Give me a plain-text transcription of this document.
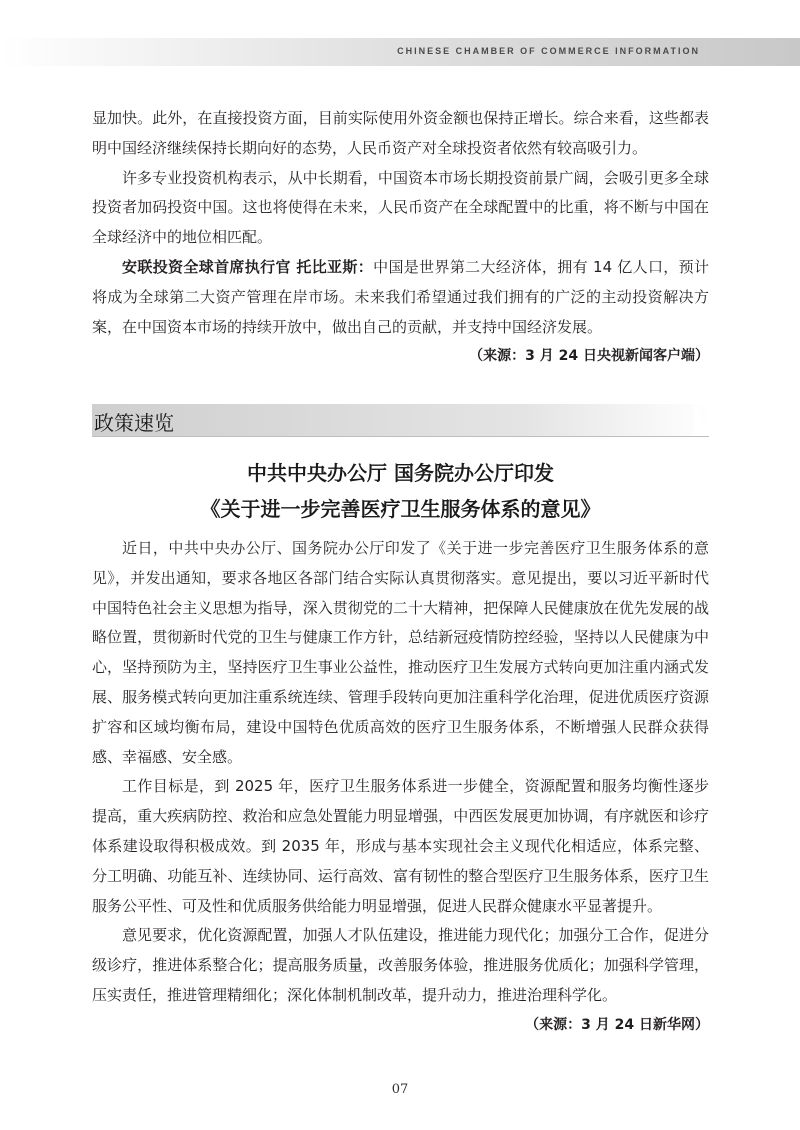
CHINESE CHAMBER OF COMMERCE INFORMATION

显加快。此外，在直接投资方面，目前实际使用外资金额也保持正增长。综合来看，这些都表明中国经济继续保持长期向好的态势，人民币资产对全球投资者依然有较高吸引力。

许多专业投资机构表示，从中长期看，中国资本市场长期投资前景广阔，会吸引更多全球投资者加码投资中国。这也将使得在未来，人民币资产在全球配置中的比重，将不断与中国在全球经济中的地位相匹配。

安联投资全球首席执行官 托比亚斯：中国是世界第二大经济体，拥有 14 亿人口，预计将成为全球第二大资产管理在岸市场。未来我们希望通过我们拥有的广泛的主动投资解决方案，在中国资本市场的持续开放中，做出自己的贡献，并支持中国经济发展。

（来源：3 月 24 日央视新闻客户端）

政策速览
中共中央办公厅 国务院办公厅印发
《关于进一步完善医疗卫生服务体系的意见》

近日，中共中央办公厅、国务院办公厅印发了《关于进一步完善医疗卫生服务体系的意见》，并发出通知，要求各地区各部门结合实际认真贯彻落实。意见提出，要以习近平新时代中国特色社会主义思想为指导，深入贯彻党的二十大精神，把保障人民健康放在优先发展的战略位置，贯彻新时代党的卫生与健康工作方针，总结新冠疫情防控经验，坚持以人民健康为中心，坚持预防为主，坚持医疗卫生事业公益性，推动医疗卫生发展方式转向更加注重内涵式发展、服务模式转向更加注重系统连续、管理手段转向更加注重科学化治理，促进优质医疗资源扩容和区域均衡布局，建设中国特色优质高效的医疗卫生服务体系，不断增强人民群众获得感、幸福感、安全感。

工作目标是，到 2025 年，医疗卫生服务体系进一步健全，资源配置和服务均衡性逐步提高，重大疾病防控、救治和应急处置能力明显增强，中西医发展更加协调，有序就医和诊疗体系建设取得积极成效。到 2035 年，形成与基本实现社会主义现代化相适应，体系完整、分工明确、功能互补、连续协同、运行高效、富有韧性的整合型医疗卫生服务体系，医疗卫生服务公平性、可及性和优质服务供给能力明显增强，促进人民群众健康水平显著提升。

意见要求，优化资源配置，加强人才队伍建设，推进能力现代化；加强分工合作，促进分级诊疗，推进体系整合化；提高服务质量，改善服务体验，推进服务优质化；加强科学管理，压实责任，推进管理精细化；深化体制机制改革，提升动力，推进治理科学化。

（来源：3 月 24 日新华网）

07
